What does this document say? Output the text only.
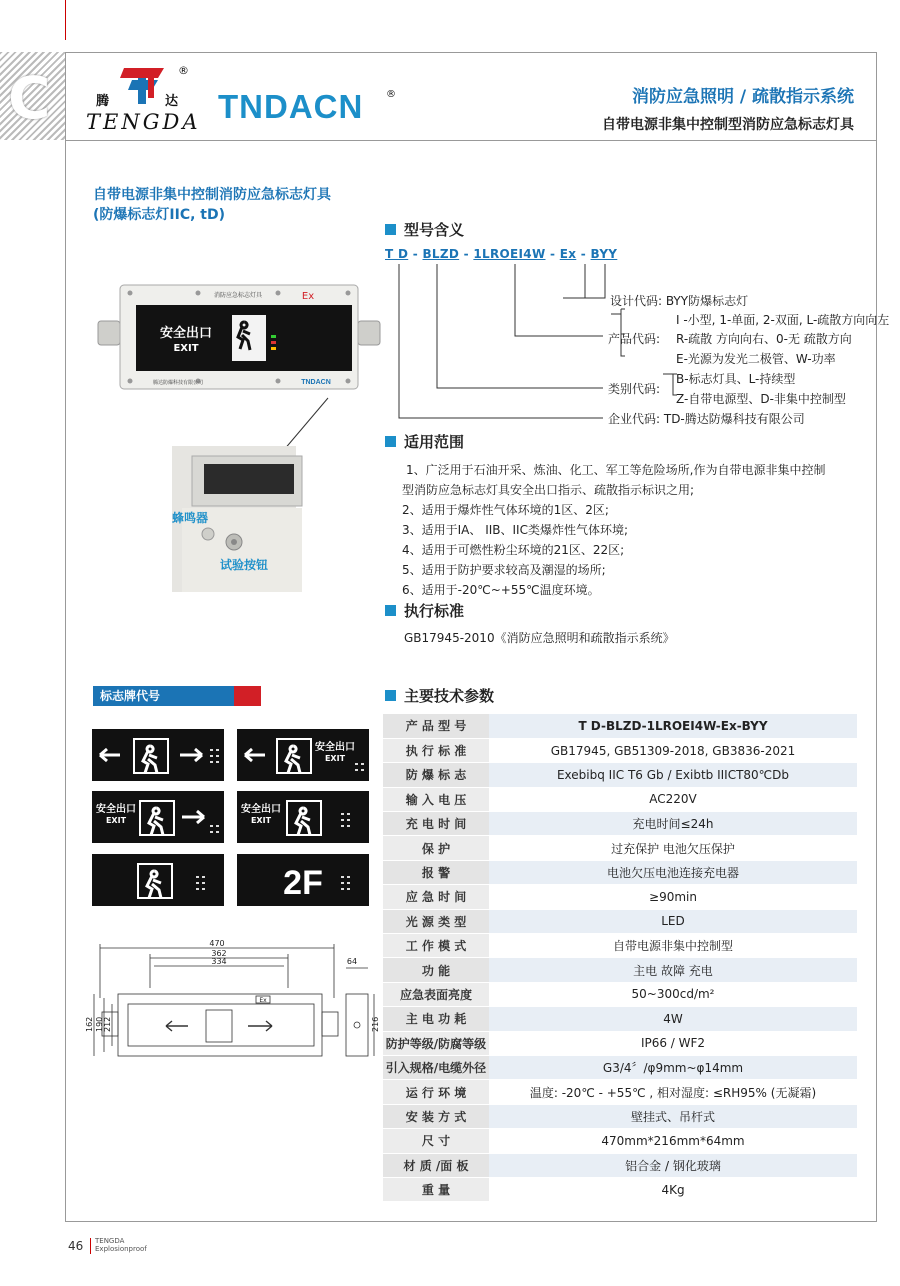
C	®
腾	达
TENGDA TNDACN ®	消防应急照明 / 疏散指示系统
自带电源非集中控制型消防应急标志灯具
自带电源非集中控制消防应急标志灯具
(防爆标志灯IIC, tD)
消防应急标志灯具	Ex
安全出口
EXIT
腾达防爆科技有限公司	TNDACN
蜂鸣器
试验按钮
型号含义
T D - BLZD - 1LROEI4W - Ex - BYY
设计代码: BYY防爆标志灯
I -小型, 1-单面, 2-双面, L-疏散方向向左
产品代码: R-疏散 方向向右、0-无 疏散方向
E-光源为发光二极管、W-功率
类别代码:
B-标志灯具、L-持续型
Z-自带电源型、D-非集中控制型
企业代码: TD-腾达防爆科技有限公司
适用范围
1、广泛用于石油开采、炼油、化工、军工等危险场所,作为自带电源非集中控制
型消防应急标志灯具安全出口指示、疏散指示标识之用;
2、适用于爆炸性气体环境的1区、2区;
3、适用于IA、 IIB、IIC类爆炸性气体环境;
4、适用于可燃性粉尘环境的21区、22区;
5、适用于防护要求较高及潮湿的场所;
6、适用于-20℃~+55℃温度环境。
执行标准
GB17945-2010《消防应急照明和疏散指示系统》
标志牌代号
安全出口
EXIT
安全出口
EXIT
安全出口
EXIT
2F
470
362
334	64
Ex
162 190 212	216
主要技术参数
产 品 型 号	T D-BLZD-1LROEI4W-Ex-BYY
执 行 标 准	GB17945, GB51309-2018, GB3836-2021
防 爆 标 志	Exebibq IIC T6 Gb / Exibtb IIICT80℃Db
输 入 电 压	AC220V
充 电 时 间	充电时间≤24h
保 护	过充保护 电池欠压保护
报 警	电池欠压电池连接充电器
应 急 时 间	≥90min
光 源 类 型	LED
工 作 模 式	自带电源非集中控制型
功 能	主电 故障 充电
应急表面亮度	50~300cd/m²
主 电 功 耗	4W
防护等级/防腐等级	IP66 / WF2
引入规格/电缆外径	G3/4〞/φ9mm~φ14mm
运 行 环 境	温度: -20℃ - +55℃ , 相对湿度: ≤RH95% (无凝霜)
安 装 方 式	壁挂式、吊杆式
尺 寸	470mm*216mm*64mm
材 质 /面 板	铝合金 / 钢化玻璃
重 量	4Kg
46 TENGDA
Explosionproof
